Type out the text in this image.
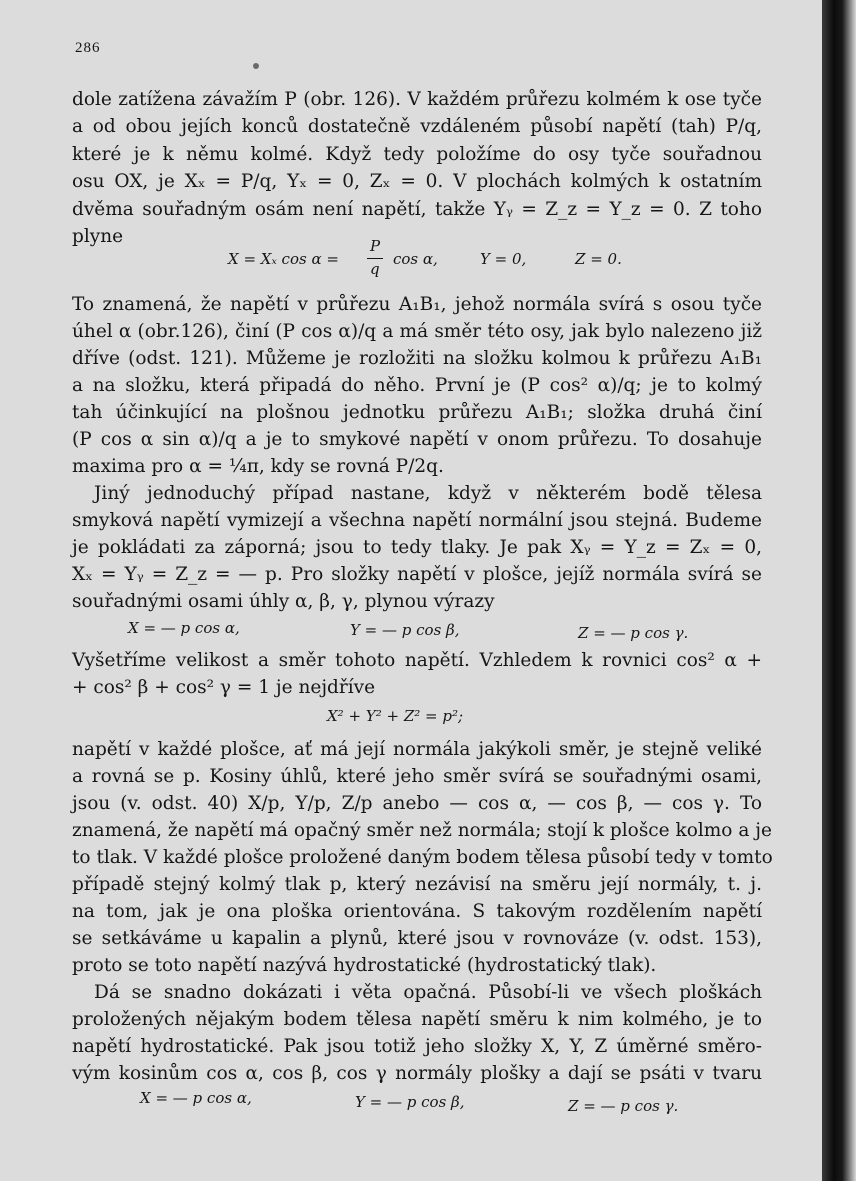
286
dole zatížena závažím P (obr. 126). V každém průřezu kolmém k ose tyče
a od obou jejích konců dostatečně vzdáleném působí napětí (tah) P/q,
které je k němu kolmé. Když tedy položíme do osy tyče souřadnou
osu OX, je Xₓ = P/q, Yₓ = 0, Zₓ = 0. V plochách kolmých k ostatním
dvěma souřadným osám není napětí, takže Yᵧ = Z_z = Y_z = 0. Z toho
plyne
X = Xₓ cos α =
P
q
cos α,	Y = 0,	Z = 0.
To znamená, že napětí v průřezu A₁B₁, jehož normála svírá s osou tyče
úhel α (obr.126), činí (P cos α)/q a má směr této osy, jak bylo nalezeno již
dříve (odst. 121). Můžeme je rozložiti na složku kolmou k průřezu A₁B₁
a na složku, která připadá do něho. První je (P cos² α)/q; je to kolmý
tah účinkující na plošnou jednotku průřezu A₁B₁; složka druhá činí
(P cos α sin α)/q a je to smykové napětí v onom průřezu. To dosahuje
maxima pro α = ¼π, kdy se rovná P/2q.
Jiný jednoduchý případ nastane, když v některém bodě tělesa
smyková napětí vymizejí a všechna napětí normální jsou stejná. Budeme
je pokládati za záporná; jsou to tedy tlaky. Je pak Xᵧ = Y_z = Zₓ = 0,
Xₓ = Yᵧ = Z_z = — p. Pro složky napětí v plošce, jejíž normála svírá se
souřadnými osami úhly α, β, γ, plynou výrazy
X = — p cos α,	Y = — p cos β,	Z = — p cos γ.
Vyšetříme velikost a směr tohoto napětí. Vzhledem k rovnici cos² α +
+ cos² β + cos² γ = 1 je nejdříve
X² + Y² + Z² = p²;
napětí v každé plošce, ať má její normála jakýkoli směr, je stejně veliké
a rovná se p. Kosiny úhlů, které jeho směr svírá se souřadnými osami,
jsou (v. odst. 40) X/p, Y/p, Z/p anebo — cos α, — cos β, — cos γ. To
znamená, že napětí má opačný směr než normála; stojí k plošce kolmo a je
to tlak. V každé plošce proložené daným bodem tělesa působí tedy v tomto
případě stejný kolmý tlak p, který nezávisí na směru její normály, t. j.
na tom, jak je ona ploška orientována. S takovým rozdělením napětí
se setkáváme u kapalin a plynů, které jsou v rovnováze (v. odst. 153),
proto se toto napětí nazývá hydrostatické (hydrostatický tlak).
Dá se snadno dokázati i věta opačná. Působí-li ve všech ploškách
proložených nějakým bodem tělesa napětí směru k nim kolmého, je to
napětí hydrostatické. Pak jsou totiž jeho složky X, Y, Z úměrné směro-
vým kosinům cos α, cos β, cos γ normály plošky a dají se psáti v tvaru
X = — p cos α,	Y = — p cos β,	Z = — p cos γ.
